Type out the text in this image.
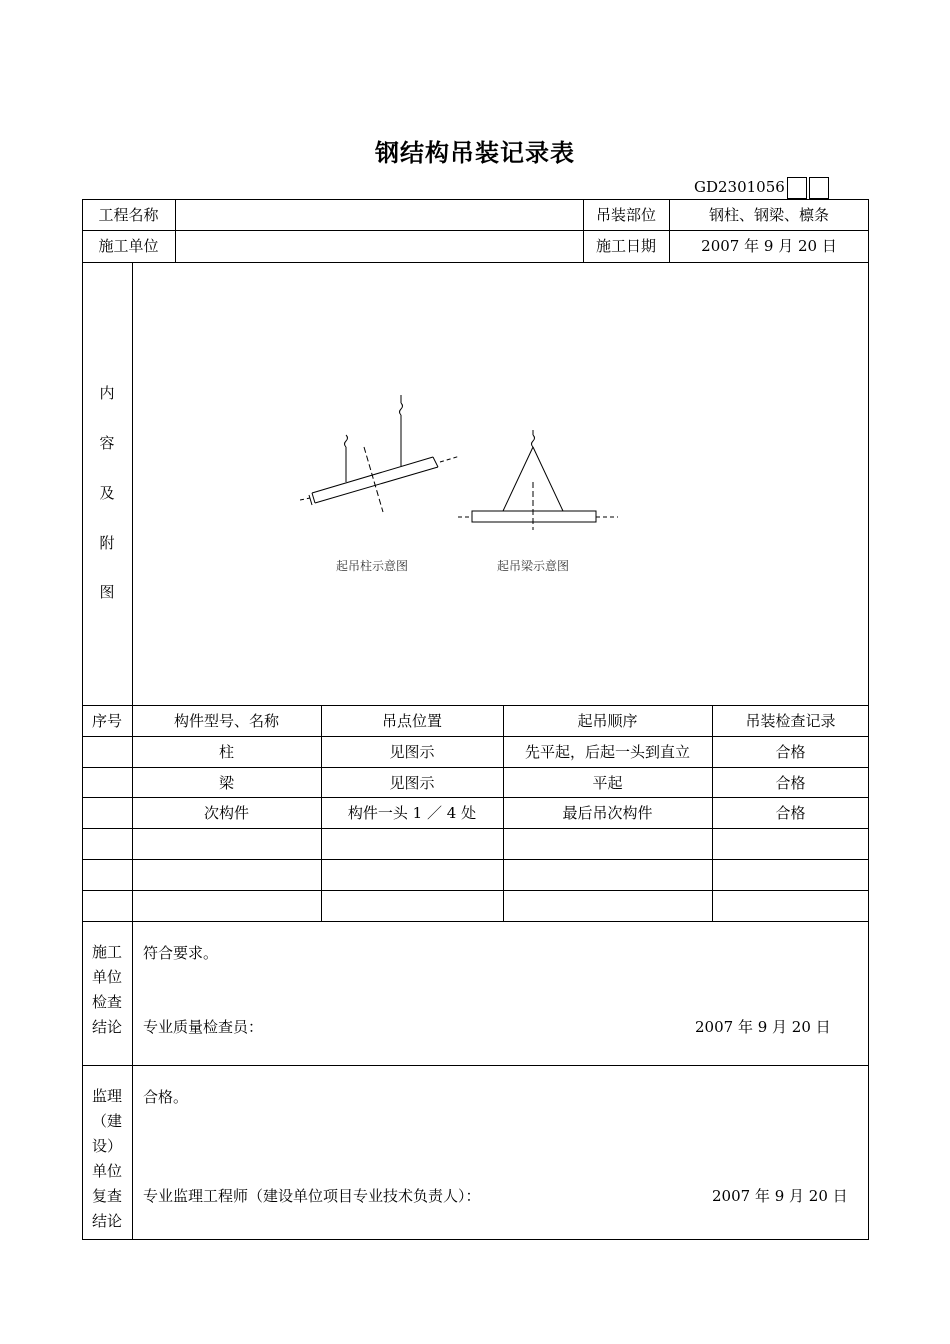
钢结构吊装记录表
GD2301056
工程名称	吊装部位	钢柱、钢梁、檩条
施工单位	施工日期	2007 年 9 月 20 日
内
容
及
附
图
起吊柱示意图	起吊梁示意图
序号	构件型号、名称	吊点位置	起吊顺序	吊装检查记录
柱	见图示	先平起，后起一头到直立	合格
梁	见图示	平起	合格
次构件	构件一头 1 ／ 4 处	最后吊次构件	合格
施工
单位
检查
结论
符合要求。
专业质量检查员：	2007 年 9 月 20 日
监理
（建
设）
单位
复查
结论
合格。
专业监理工程师（建设单位项目专业技术负责人）：	2007 年 9 月 20 日
